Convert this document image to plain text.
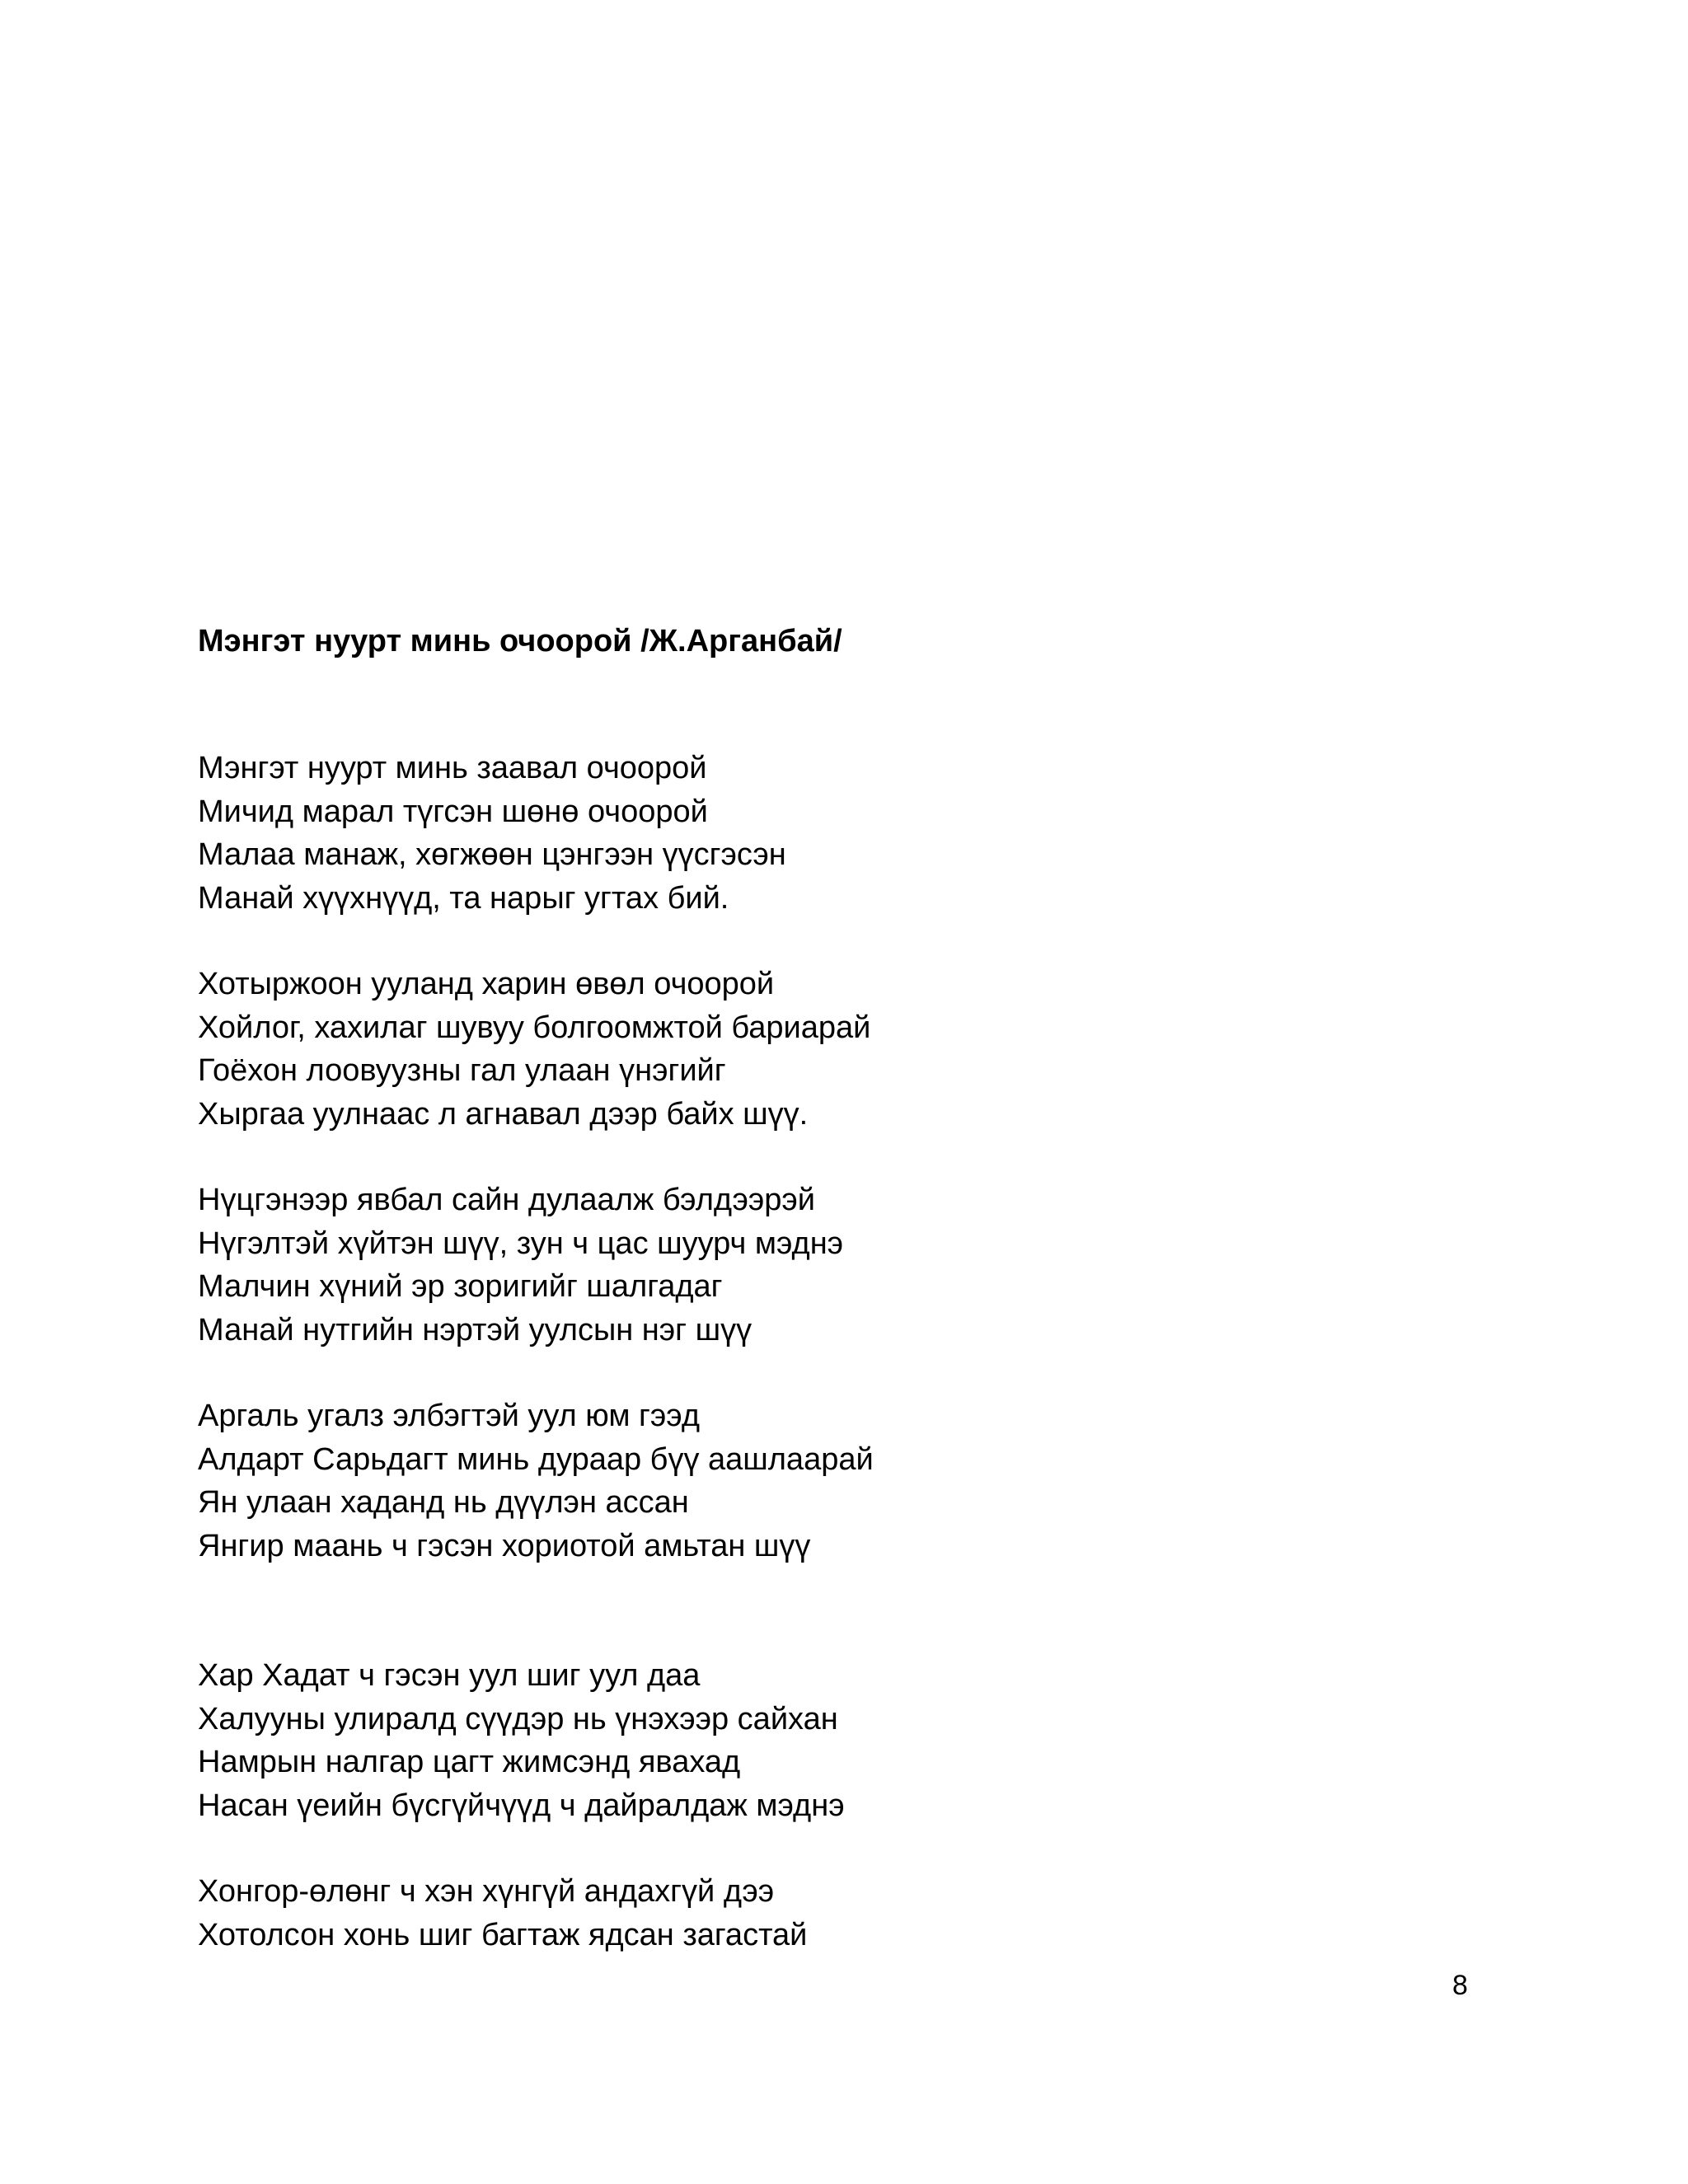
Мэнгэт нуурт минь очоорой /Ж.Арганбай/
Мэнгэт нуурт минь заавал очоорой
Мичид марал түгсэн шөнө очоорой
Малаа манаж, хөгжөөн цэнгээн үүсгэсэн
Манай хүүхнүүд, та нарыг угтах бий.
Хотыржоон ууланд харин өвөл очоорой
Хойлог, хахилаг шувуу болгоомжтой бариарай
Гоёхон лоовуузны гал улаан үнэгийг
Хыргаа уулнаас л агнавал дээр байх шүү.
Нүцгэнээр явбал сайн дулаалж бэлдээрэй
Нүгэлтэй хүйтэн шүү, зун ч цас шуурч мэднэ
Малчин хүний эр зоригийг шалгадаг
Манай нутгийн нэртэй уулсын нэг шүү
Аргаль угалз элбэгтэй уул юм гээд
Алдарт Сарьдагт минь дураар бүү аашлаарай
Ян улаан хаданд нь дүүлэн ассан
Янгир маань ч гэсэн хориотой амьтан шүү
Хар Хадат ч гэсэн уул шиг уул даа
Халууны улиралд сүүдэр нь үнэхээр сайхан
Намрын налгар цагт жимсэнд явахад
Насан үеийн бүсгүйчүүд ч дайралдаж мэднэ
Хонгор-өлөнг ч хэн хүнгүй андахгүй дээ
Хотолсон хонь шиг багтаж ядсан загастай
8
